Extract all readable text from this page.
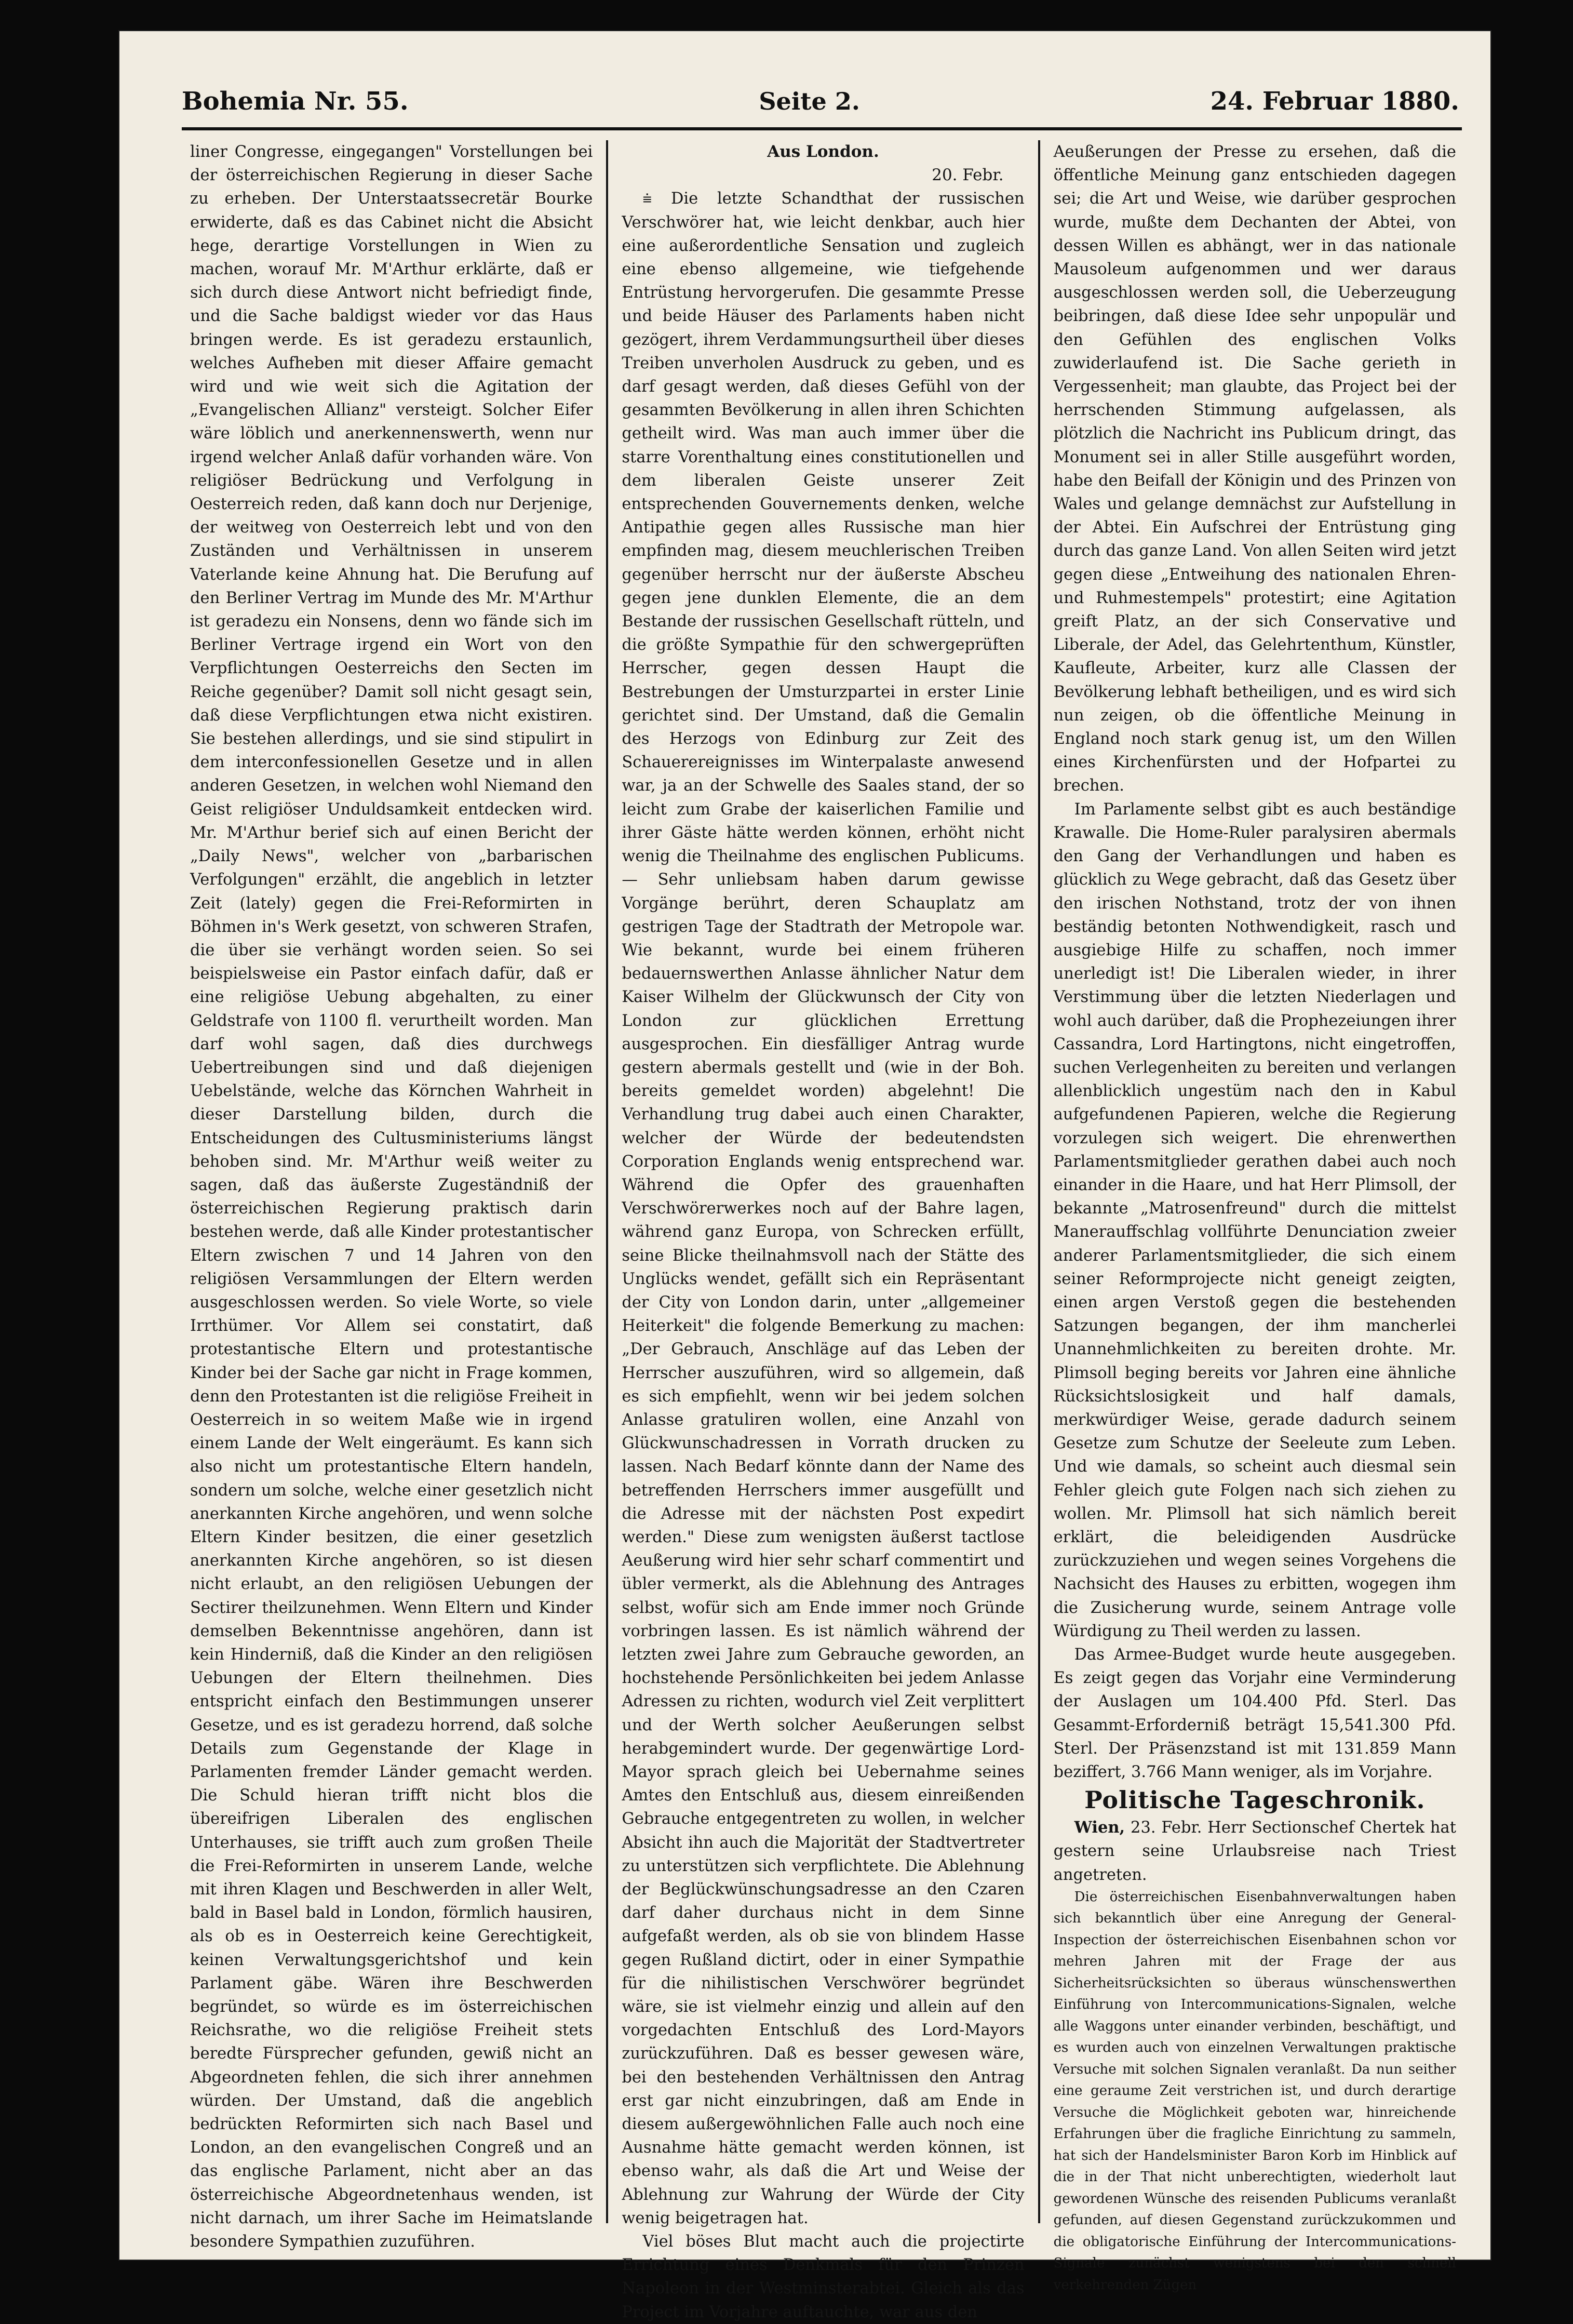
Bohemia Nr. 55.	Seite 2.	24. Februar 1880.

liner Congresse, eingegangen" Vorstellungen bei der österreichischen Regierung in dieser Sache zu erheben. Der Unterstaatssecretär Bourke erwiderte, daß es das Cabinet nicht die Absicht hege, derartige Vorstellungen in Wien zu machen, worauf Mr. M'Arthur erklärte, daß er sich durch diese Antwort nicht befriedigt finde, und die Sache baldigst wieder vor das Haus bringen werde. Es ist geradezu erstaunlich, welches Aufheben mit dieser Affaire gemacht wird und wie weit sich die Agitation der „Evangelischen Allianz" versteigt. Solcher Eifer wäre löblich und anerkennenswerth, wenn nur irgend welcher Anlaß dafür vorhanden wäre. Von religiöser Bedrückung und Verfolgung in Oesterreich reden, daß kann doch nur Derjenige, der weitweg von Oesterreich lebt und von den Zuständen und Verhältnissen in unserem Vaterlande keine Ahnung hat. Die Berufung auf den Berliner Vertrag im Munde des Mr. M'Arthur ist geradezu ein Nonsens, denn wo fände sich im Berliner Vertrage irgend ein Wort von den Verpflichtungen Oesterreichs den Secten im Reiche gegenüber? Damit soll nicht gesagt sein, daß diese Verpflichtungen etwa nicht existiren. Sie bestehen allerdings, und sie sind stipulirt in dem interconfessionellen Gesetze und in allen anderen Gesetzen, in welchen wohl Niemand den Geist religiöser Unduldsamkeit entdecken wird. Mr. M'Arthur berief sich auf einen Bericht der „Daily News", welcher von „barbarischen Verfolgungen" erzählt, die angeblich in letzter Zeit (lately) gegen die Frei-Reformirten in Böhmen in's Werk gesetzt, von schweren Strafen, die über sie verhängt worden seien. So sei beispielsweise ein Pastor einfach dafür, daß er eine religiöse Uebung abgehalten, zu einer Geldstrafe von 1100 fl. verurtheilt worden. Man darf wohl sagen, daß dies durchwegs Uebertreibungen sind und daß diejenigen Uebelstände, welche das Körnchen Wahrheit in dieser Darstellung bilden, durch die Entscheidungen des Cultusministeriums längst behoben sind. Mr. M'Arthur weiß weiter zu sagen, daß das äußerste Zugeständniß der österreichischen Regierung praktisch darin bestehen werde, daß alle Kinder protestantischer Eltern zwischen 7 und 14 Jahren von den religiösen Versammlungen der Eltern werden ausgeschlossen werden. So viele Worte, so viele Irrthümer. Vor Allem sei constatirt, daß protestantische Eltern und protestantische Kinder bei der Sache gar nicht in Frage kommen, denn den Protestanten ist die religiöse Freiheit in Oesterreich in so weitem Maße wie in irgend einem Lande der Welt eingeräumt. Es kann sich also nicht um protestantische Eltern handeln, sondern um solche, welche einer gesetzlich nicht anerkannten Kirche angehören, und wenn solche Eltern Kinder besitzen, die einer gesetzlich anerkannten Kirche angehören, so ist diesen nicht erlaubt, an den religiösen Uebungen der Sectirer theilzunehmen. Wenn Eltern und Kinder demselben Bekenntnisse angehören, dann ist kein Hinderniß, daß die Kinder an den religiösen Uebungen der Eltern theilnehmen. Dies entspricht einfach den Bestimmungen unserer Gesetze, und es ist geradezu horrend, daß solche Details zum Gegenstande der Klage in Parlamenten fremder Länder gemacht werden. Die Schuld hieran trifft nicht blos die übereifrigen Liberalen des englischen Unterhauses, sie trifft auch zum großen Theile die Frei-Reformirten in unserem Lande, welche mit ihren Klagen und Beschwerden in aller Welt, bald in Basel bald in London, förmlich hausiren, als ob es in Oesterreich keine Gerechtigkeit, keinen Verwaltungsgerichtshof und kein Parlament gäbe. Wären ihre Beschwerden begründet, so würde es im österreichischen Reichsrathe, wo die religiöse Freiheit stets beredte Fürsprecher gefunden, gewiß nicht an Abgeordneten fehlen, die sich ihrer annehmen würden. Der Umstand, daß die angeblich bedrückten Reformirten sich nach Basel und London, an den evangelischen Congreß und an das englische Parlament, nicht aber an das österreichische Abgeordnetenhaus wenden, ist nicht darnach, um ihrer Sache im Heimatslande besondere Sympathien zuzuführen.

Aus London.

20. Febr.

⩧ Die letzte Schandthat der russischen Verschwörer hat, wie leicht denkbar, auch hier eine außerordentliche Sensation und zugleich eine ebenso allgemeine, wie tiefgehende Entrüstung hervorgerufen. Die gesammte Presse und beide Häuser des Parlaments haben nicht gezögert, ihrem Verdammungsurtheil über dieses Treiben unverholen Ausdruck zu geben, und es darf gesagt werden, daß dieses Gefühl von der gesammten Bevölkerung in allen ihren Schichten getheilt wird. Was man auch immer über die starre Vorenthaltung eines constitutionellen und dem liberalen Geiste unserer Zeit entsprechenden Gouvernements denken, welche Antipathie gegen alles Russische man hier empfinden mag, diesem meuchlerischen Treiben gegenüber herrscht nur der äußerste Abscheu gegen jene dunklen Elemente, die an dem Bestande der russischen Gesellschaft rütteln, und die größte Sympathie für den schwergeprüften Herrscher, gegen dessen Haupt die Bestrebungen der Umsturzpartei in erster Linie gerichtet sind. Der Umstand, daß die Gemalin des Herzogs von Edinburg zur Zeit des Schauerereignisses im Winterpalaste anwesend war, ja an der Schwelle des Saales stand, der so leicht zum Grabe der kaiserlichen Familie und ihrer Gäste hätte werden können, erhöht nicht wenig die Theilnahme des englischen Publicums. — Sehr unliebsam haben darum gewisse Vorgänge berührt, deren Schauplatz am gestrigen Tage der Stadtrath der Metropole war. Wie bekannt, wurde bei einem früheren bedauernswerthen Anlasse ähnlicher Natur dem Kaiser Wilhelm der Glückwunsch der City von London zur glücklichen Errettung ausgesprochen. Ein diesfälliger Antrag wurde gestern abermals gestellt und (wie in der Boh. bereits gemeldet worden) abgelehnt! Die Verhandlung trug dabei auch einen Charakter, welcher der Würde der bedeutendsten Corporation Englands wenig entsprechend war. Während die Opfer des grauenhaften Verschwörerwerkes noch auf der Bahre lagen, während ganz Europa, von Schrecken erfüllt, seine Blicke theilnahmsvoll nach der Stätte des Unglücks wendet, gefällt sich ein Repräsentant der City von London darin, unter „allgemeiner Heiterkeit" die folgende Bemerkung zu machen: „Der Gebrauch, Anschläge auf das Leben der Herrscher auszuführen, wird so allgemein, daß es sich empfiehlt, wenn wir bei jedem solchen Anlasse gratuliren wollen, eine Anzahl von Glückwunschadressen in Vorrath drucken zu lassen. Nach Bedarf könnte dann der Name des betreffenden Herrschers immer ausgefüllt und die Adresse mit der nächsten Post expedirt werden." Diese zum wenigsten äußerst tactlose Aeußerung wird hier sehr scharf commentirt und übler vermerkt, als die Ablehnung des Antrages selbst, wofür sich am Ende immer noch Gründe vorbringen lassen. Es ist nämlich während der letzten zwei Jahre zum Gebrauche geworden, an hochstehende Persönlichkeiten bei jedem Anlasse Adressen zu richten, wodurch viel Zeit verplittert und der Werth solcher Aeußerungen selbst herabgemindert wurde. Der gegenwärtige Lord-Mayor sprach gleich bei Uebernahme seines Amtes den Entschluß aus, diesem einreißenden Gebrauche entgegentreten zu wollen, in welcher Absicht ihn auch die Majorität der Stadtvertreter zu unterstützen sich verpflichtete. Die Ablehnung der Beglückwünschungsadresse an den Czaren darf daher durchaus nicht in dem Sinne aufgefaßt werden, als ob sie von blindem Hasse gegen Rußland dictirt, oder in einer Sympathie für die nihilistischen Verschwörer begründet wäre, sie ist vielmehr einzig und allein auf den vorgedachten Entschluß des Lord-Mayors zurückzuführen. Daß es besser gewesen wäre, bei den bestehenden Verhältnissen den Antrag erst gar nicht einzubringen, daß am Ende in diesem außergewöhnlichen Falle auch noch eine Ausnahme hätte gemacht werden können, ist ebenso wahr, als daß die Art und Weise der Ablehnung zur Wahrung der Würde der City wenig beigetragen hat.

Viel böses Blut macht auch die projectirte Errichtung eines Denkmals für den Prinzen Napoleon in der Westminsterabtei. Gleich als das Project im Vorjahre auftauchte, war aus den

Aeußerungen der Presse zu ersehen, daß die öffentliche Meinung ganz entschieden dagegen sei; die Art und Weise, wie darüber gesprochen wurde, mußte dem Dechanten der Abtei, von dessen Willen es abhängt, wer in das nationale Mausoleum aufgenommen und wer daraus ausgeschlossen werden soll, die Ueberzeugung beibringen, daß diese Idee sehr unpopulär und den Gefühlen des englischen Volks zuwiderlaufend ist. Die Sache gerieth in Vergessenheit; man glaubte, das Project bei der herrschenden Stimmung aufgelassen, als plötzlich die Nachricht ins Publicum dringt, das Monument sei in aller Stille ausgeführt worden, habe den Beifall der Königin und des Prinzen von Wales und gelange demnächst zur Aufstellung in der Abtei. Ein Aufschrei der Entrüstung ging durch das ganze Land. Von allen Seiten wird jetzt gegen diese „Entweihung des nationalen Ehren- und Ruhmestempels" protestirt; eine Agitation greift Platz, an der sich Conservative und Liberale, der Adel, das Gelehrtenthum, Künstler, Kaufleute, Arbeiter, kurz alle Classen der Bevölkerung lebhaft betheiligen, und es wird sich nun zeigen, ob die öffentliche Meinung in England noch stark genug ist, um den Willen eines Kirchenfürsten und der Hofpartei zu brechen.

Im Parlamente selbst gibt es auch beständige Krawalle. Die Home-Ruler paralysiren abermals den Gang der Verhandlungen und haben es glücklich zu Wege gebracht, daß das Gesetz über den irischen Nothstand, trotz der von ihnen beständig betonten Nothwendigkeit, rasch und ausgiebige Hilfe zu schaffen, noch immer unerledigt ist! Die Liberalen wieder, in ihrer Verstimmung über die letzten Niederlagen und wohl auch darüber, daß die Prophezeiungen ihrer Cassandra, Lord Hartingtons, nicht eingetroffen, suchen Verlegenheiten zu bereiten und verlangen allenblicklich ungestüm nach den in Kabul aufgefundenen Papieren, welche die Regierung vorzulegen sich weigert. Die ehrenwerthen Parlamentsmitglieder gerathen dabei auch noch einander in die Haare, und hat Herr Plimsoll, der bekannte „Matrosenfreund" durch die mittelst Manerauffschlag vollführte Denunciation zweier anderer Parlamentsmitglieder, die sich einem seiner Reformprojecte nicht geneigt zeigten, einen argen Verstoß gegen die bestehenden Satzungen begangen, der ihm mancherlei Unannehmlichkeiten zu bereiten drohte. Mr. Plimsoll beging bereits vor Jahren eine ähnliche Rücksichtslosigkeit und half damals, merkwürdiger Weise, gerade dadurch seinem Gesetze zum Schutze der Seeleute zum Leben. Und wie damals, so scheint auch diesmal sein Fehler gleich gute Folgen nach sich ziehen zu wollen. Mr. Plimsoll hat sich nämlich bereit erklärt, die beleidigenden Ausdrücke zurückzuziehen und wegen seines Vorgehens die Nachsicht des Hauses zu erbitten, wogegen ihm die Zusicherung wurde, seinem Antrage volle Würdigung zu Theil werden zu lassen.

Das Armee-Budget wurde heute ausgegeben. Es zeigt gegen das Vorjahr eine Verminderung der Auslagen um 104.400 Pfd. Sterl. Das Gesammt-Erforderniß beträgt 15,541.300 Pfd. Sterl. Der Präsenzstand ist mit 131.859 Mann beziffert, 3.766 Mann weniger, als im Vorjahre.

Politische Tageschronik.

Wien, 23. Febr. Herr Sectionschef Chertek hat gestern seine Urlaubsreise nach Triest angetreten.

Die österreichischen Eisenbahnverwaltungen haben sich bekanntlich über eine Anregung der General-Inspection der österreichischen Eisenbahnen schon vor mehren Jahren mit der Frage der aus Sicherheitsrücksichten so überaus wünschenswerthen Einführung von Intercommunications-Signalen, welche alle Waggons unter einander verbinden, beschäftigt, und es wurden auch von einzelnen Verwaltungen praktische Versuche mit solchen Signalen veranlaßt. Da nun seither eine geraume Zeit verstrichen ist, und durch derartige Versuche die Möglichkeit geboten war, hinreichende Erfahrungen über die fragliche Einrichtung zu sammeln, hat sich der Handelsminister Baron Korb im Hinblick auf die in der That nicht unberechtigten, wiederholt laut gewordenen Wünsche des reisenden Publicums veranlaßt gefunden, auf diesen Gegenstand zurückzukommen und die obligatorische Einführung der Intercommunications-Signale zunächst wenigstens bei den schnell verkehrenden Zügen
